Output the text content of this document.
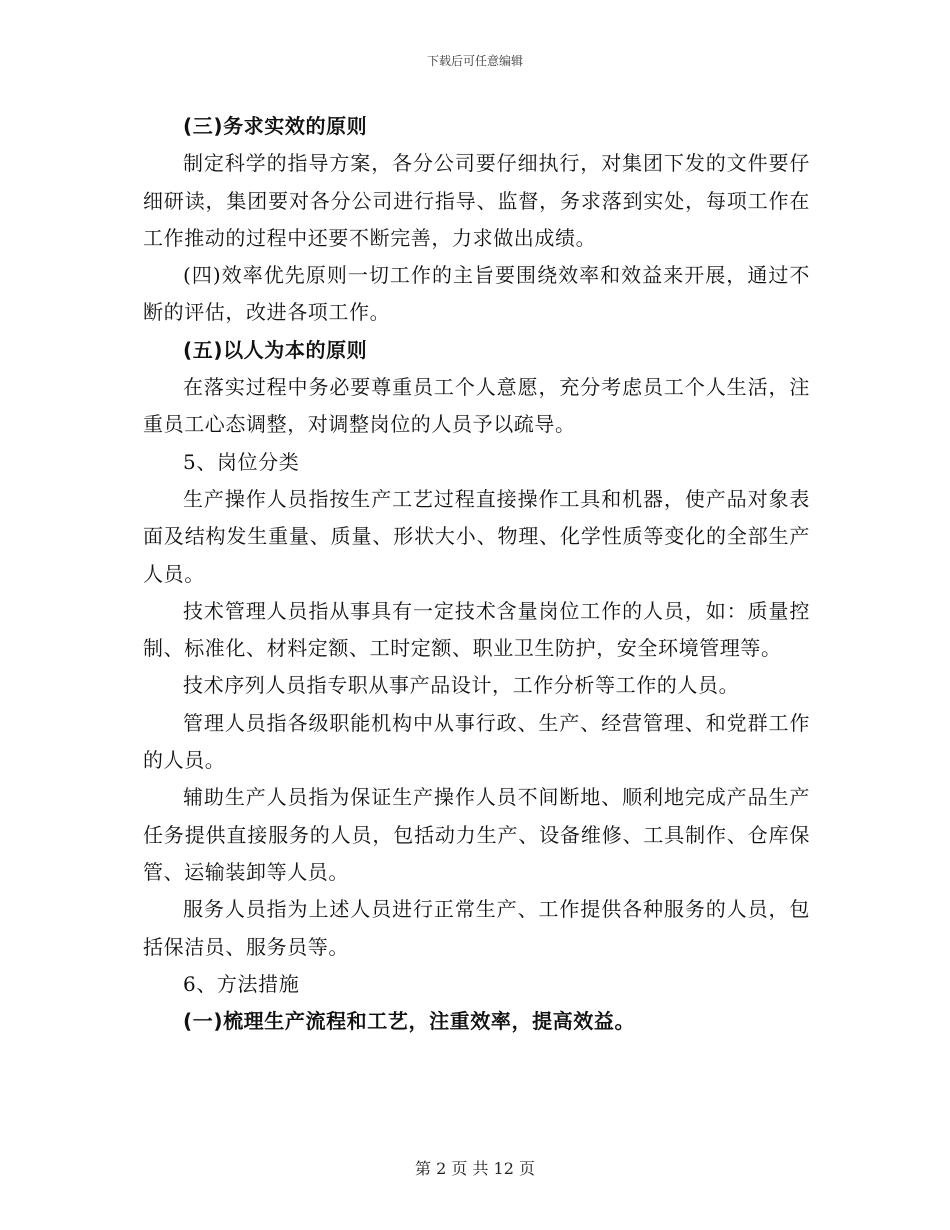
下载后可任意编辑

(三)务求实效的原则

制定科学的指导方案，各分公司要仔细执行，对集团下发的文件要仔细研读，集团要对各分公司进行指导、监督，务求落到实处，每项工作在工作推动的过程中还要不断完善，力求做出成绩。

(四)效率优先原则一切工作的主旨要围绕效率和效益来开展，通过不断的评估，改进各项工作。

(五)以人为本的原则

在落实过程中务必要尊重员工个人意愿，充分考虑员工个人生活，注重员工心态调整，对调整岗位的人员予以疏导。

5、岗位分类

生产操作人员指按生产工艺过程直接操作工具和机器，使产品对象表面及结构发生重量、质量、形状大小、物理、化学性质等变化的全部生产人员。

技术管理人员指从事具有一定技术含量岗位工作的人员，如：质量控制、标准化、材料定额、工时定额、职业卫生防护，安全环境管理等。

技术序列人员指专职从事产品设计，工作分析等工作的人员。

管理人员指各级职能机构中从事行政、生产、经营管理、和党群工作的人员。

辅助生产人员指为保证生产操作人员不间断地、顺利地完成产品生产任务提供直接服务的人员，包括动力生产、设备维修、工具制作、仓库保管、运输装卸等人员。

服务人员指为上述人员进行正常生产、工作提供各种服务的人员，包括保洁员、服务员等。

6、方法措施

(一)梳理生产流程和工艺，注重效率，提高效益。

第 2 页 共 12 页
